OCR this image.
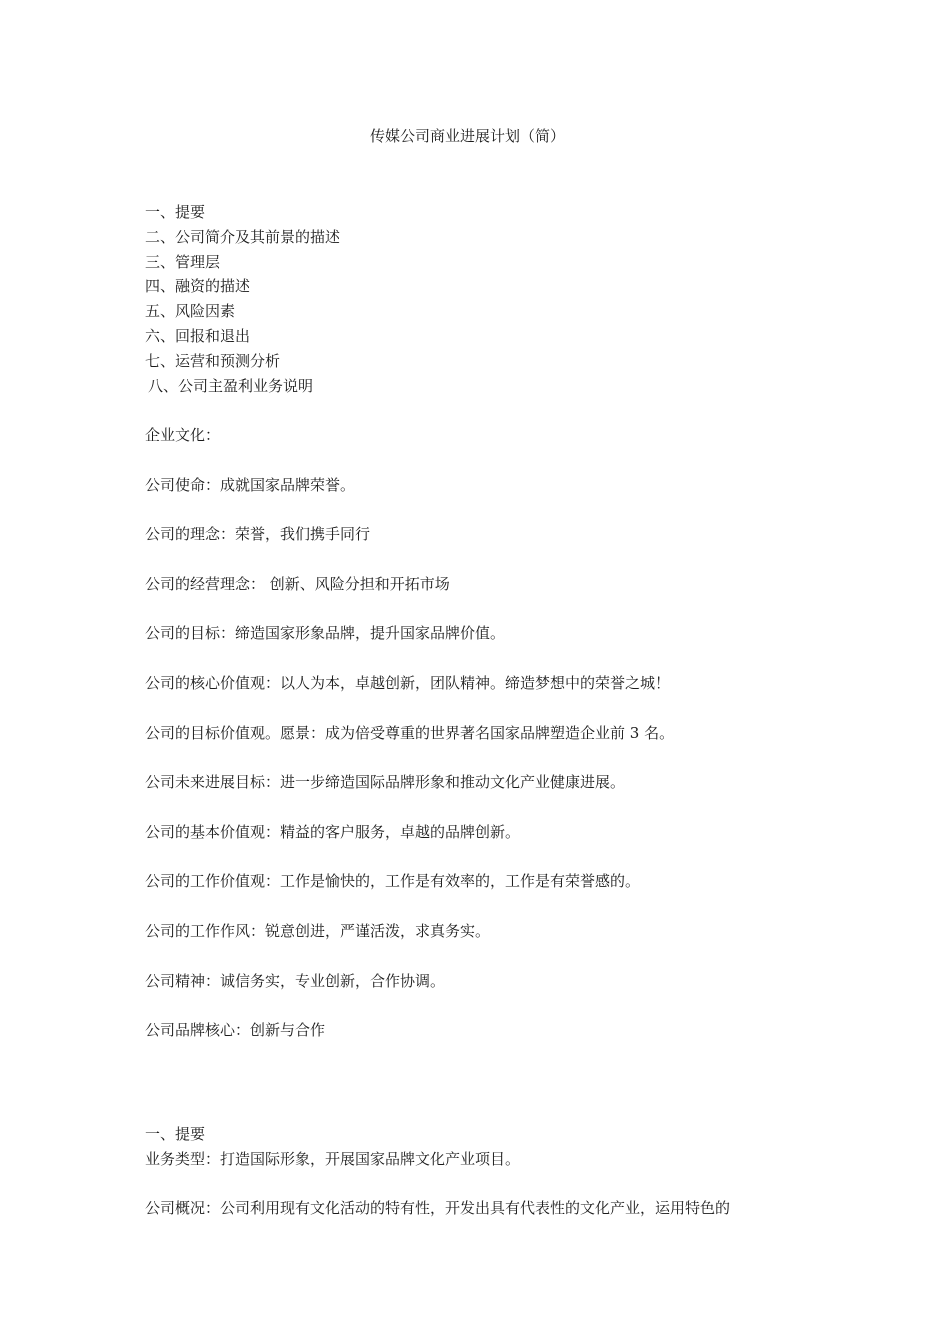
传媒公司商业进展计划（简）
一、提要
二、公司简介及其前景的描述
三、管理层
四、融资的描述
五、风险因素
六、回报和退出
七、运营和预测分析
八、公司主盈利业务说明
企业文化：
公司使命：成就国家品牌荣誉。
公司的理念：荣誉，我们携手同行
公司的经营理念： 创新、风险分担和开拓市场
公司的目标：缔造国家形象品牌，提升国家品牌价值。
公司的核心价值观：以人为本，卓越创新，团队精神。缔造梦想中的荣誉之城！
公司的目标价值观。愿景：成为倍受尊重的世界著名国家品牌塑造企业前 3 名。
公司未来进展目标：进一步缔造国际品牌形象和推动文化产业健康进展。
公司的基本价值观：精益的客户服务，卓越的品牌创新。
公司的工作价值观：工作是愉快的，工作是有效率的，工作是有荣誉感的。
公司的工作作风：锐意创进，严谨活泼，求真务实。
公司精神：诚信务实，专业创新，合作协调。
公司品牌核心：创新与合作
一、提要
业务类型：打造国际形象，开展国家品牌文化产业项目。
公司概况：公司利用现有文化活动的特有性，开发出具有代表性的文化产业，运用特色的
